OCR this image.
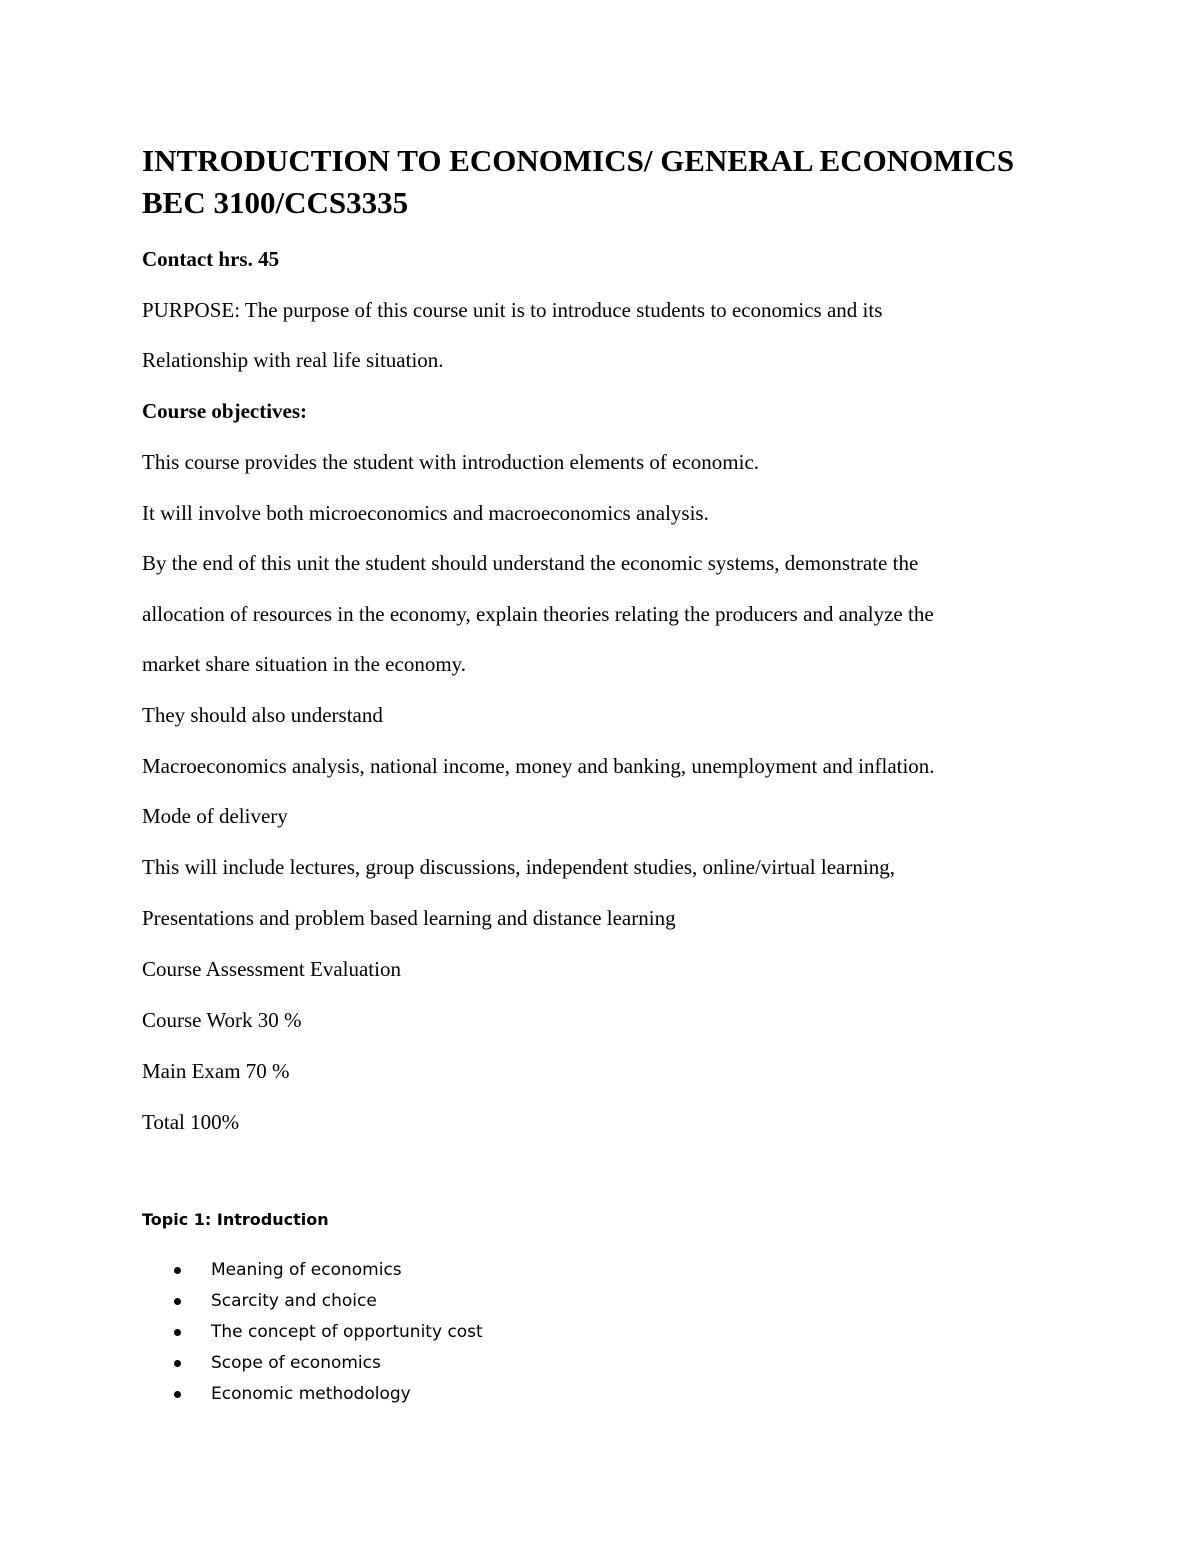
INTRODUCTION TO ECONOMICS/ GENERAL ECONOMICS
BEC 3100/CCS3335

Contact hrs. 45

PURPOSE: The purpose of this course unit is to introduce students to economics and its

Relationship with real life situation.

Course objectives:

This course provides the student with introduction elements of economic.

It will involve both microeconomics and macroeconomics analysis.

By the end of this unit the student should understand the economic systems, demonstrate the

allocation of resources in the economy, explain theories relating the producers and analyze the

market share situation in the economy.

They should also understand

Macroeconomics analysis, national income, money and banking, unemployment and inflation.

Mode of delivery

This will include lectures, group discussions, independent studies, online/virtual learning,

Presentations and problem based learning and distance learning

Course Assessment Evaluation

Course Work 30 %

Main Exam 70 %

Total 100%

Topic 1: Introduction

Meaning of economics
Scarcity and choice
The concept of opportunity cost
Scope of economics
Economic methodology
